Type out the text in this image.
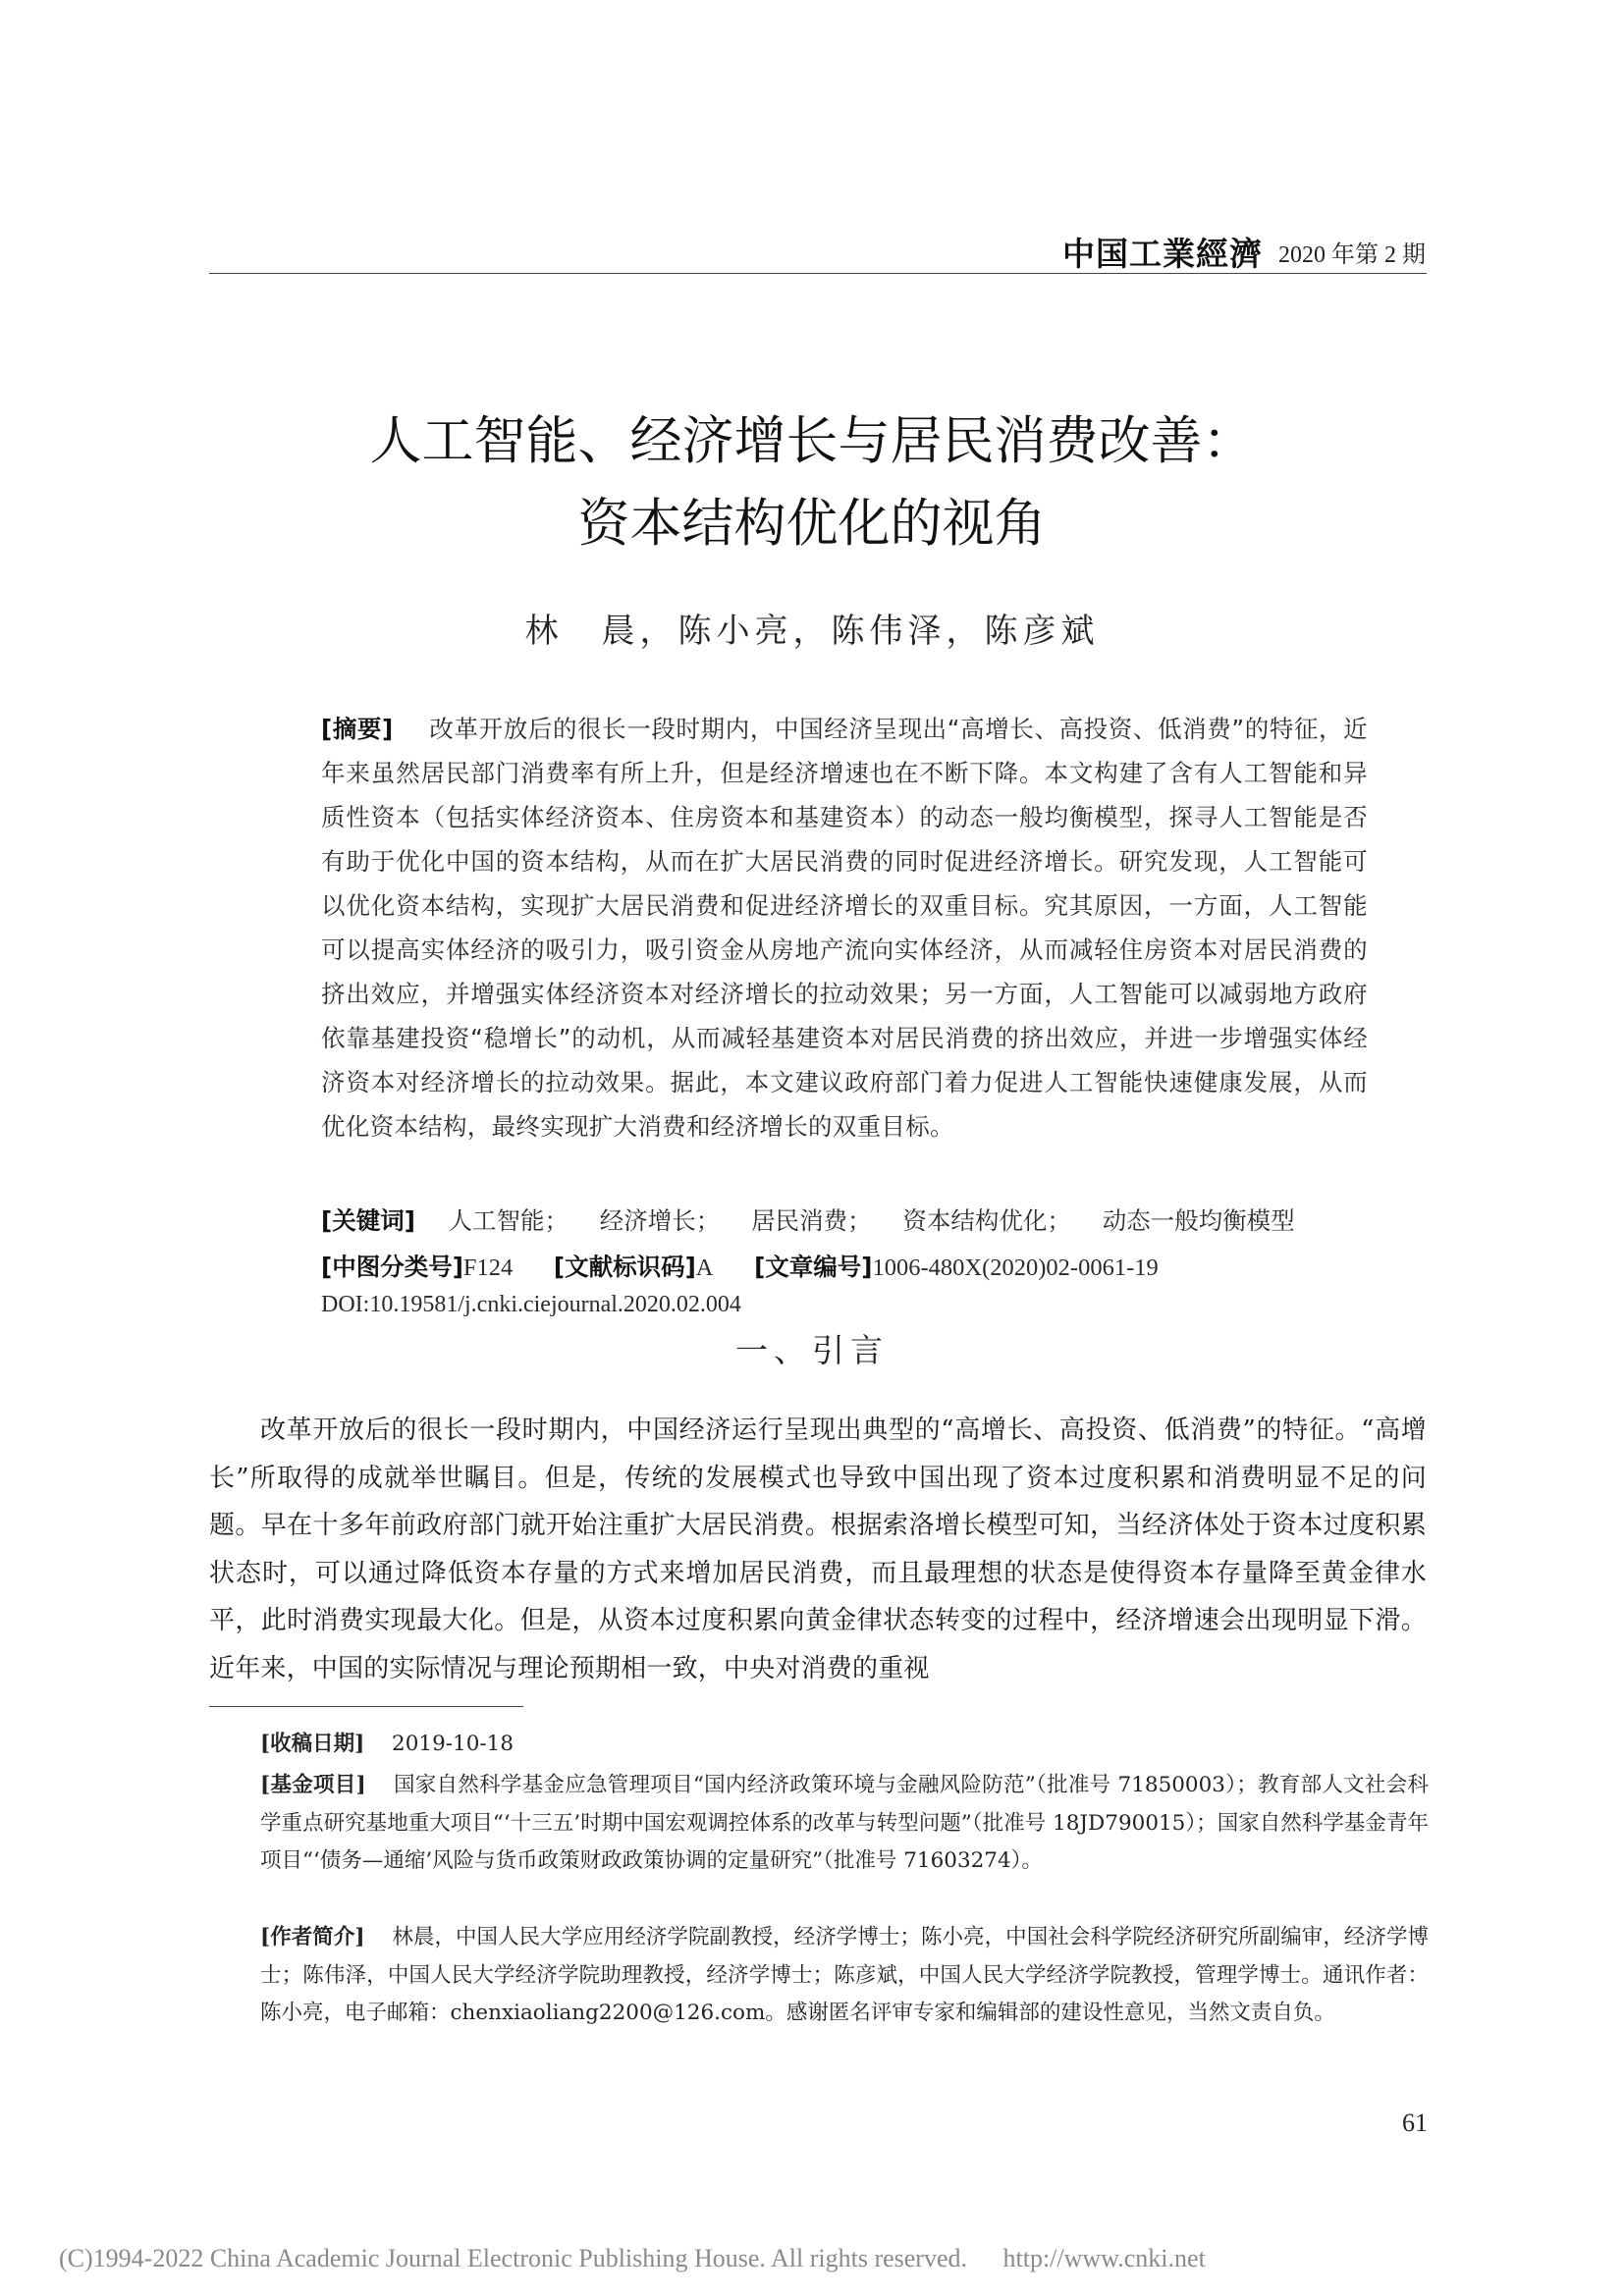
中国工業經濟 2020 年第 2 期
人工智能、经济增长与居民消费改善：
资本结构优化的视角
林　晨，陈小亮，陈伟泽，陈彦斌
[摘要] 改革开放后的很长一段时期内，中国经济呈现出“高增长、高投资、低消费”的特征，近年来虽然居民部门消费率有所上升，但是经济增速也在不断下降。本文构建了含有人工智能和异质性资本（包括实体经济资本、住房资本和基建资本）的动态一般均衡模型，探寻人工智能是否有助于优化中国的资本结构，从而在扩大居民消费的同时促进经济增长。研究发现，人工智能可以优化资本结构，实现扩大居民消费和促进经济增长的双重目标。究其原因，一方面，人工智能可以提高实体经济的吸引力，吸引资金从房地产流向实体经济，从而减轻住房资本对居民消费的挤出效应，并增强实体经济资本对经济增长的拉动效果；另一方面，人工智能可以减弱地方政府依靠基建投资“稳增长”的动机，从而减轻基建资本对居民消费的挤出效应，并进一步增强实体经济资本对经济增长的拉动效果。据此，本文建议政府部门着力促进人工智能快速健康发展，从而优化资本结构，最终实现扩大消费和经济增长的双重目标。
[关键词] 人工智能； 经济增长； 居民消费； 资本结构优化； 动态一般均衡模型
[中图分类号]F124 [文献标识码]A [文章编号]1006-480X(2020)02-0061-19
DOI:10.19581/j.cnki.ciejournal.2020.02.004
一、引言
改革开放后的很长一段时期内，中国经济运行呈现出典型的“高增长、高投资、低消费”的特征。“高增长”所取得的成就举世瞩目。但是，传统的发展模式也导致中国出现了资本过度积累和消费明显不足的问题。早在十多年前政府部门就开始注重扩大居民消费。根据索洛增长模型可知，当经济体处于资本过度积累状态时，可以通过降低资本存量的方式来增加居民消费，而且最理想的状态是使得资本存量降至黄金律水平，此时消费实现最大化。但是，从资本过度积累向黄金律状态转变的过程中，经济增速会出现明显下滑。近年来，中国的实际情况与理论预期相一致，中央对消费的重视
[收稿日期] 2019-10-18
[基金项目] 国家自然科学基金应急管理项目“国内经济政策环境与金融风险防范”（批准号 71850003）；教育部人文社会科学重点研究基地重大项目“‘十三五’时期中国宏观调控体系的改革与转型问题”（批准号 18JD790015）；国家自然科学基金青年项目“‘债务—通缩’风险与货币政策财政政策协调的定量研究”（批准号 71603274）。
[作者简介] 林晨，中国人民大学应用经济学院副教授，经济学博士；陈小亮，中国社会科学院经济研究所副编审，经济学博士；陈伟泽，中国人民大学经济学院助理教授，经济学博士；陈彦斌，中国人民大学经济学院教授，管理学博士。通讯作者：陈小亮，电子邮箱：chenxiaoliang2200@126.com。感谢匿名评审专家和编辑部的建设性意见，当然文责自负。
61
(C)1994-2022 China Academic Journal Electronic Publishing House. All rights reserved. http://www.cnki.net
